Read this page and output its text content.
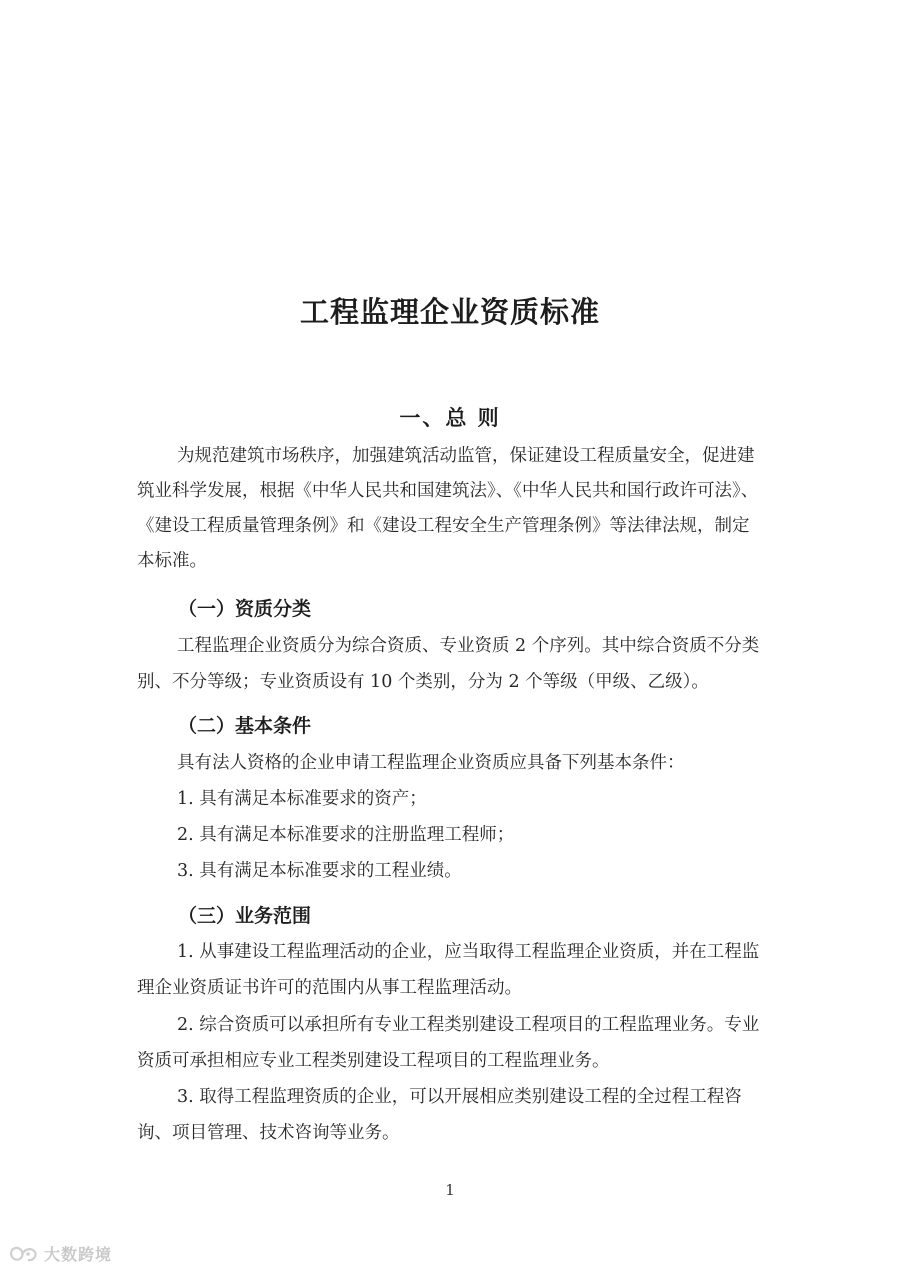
工程监理企业资质标准
一、总 则
为规范建筑市场秩序，加强建筑活动监管，保证建设工程质量安全，促进建
筑业科学发展，根据《中华人民共和国建筑法》、《中华人民共和国行政许可法》、
《建设工程质量管理条例》和《建设工程安全生产管理条例》等法律法规，制定
本标准。
（一）资质分类
工程监理企业资质分为综合资质、专业资质 2 个序列。其中综合资质不分类
别、不分等级；专业资质设有 10 个类别，分为 2 个等级（甲级、乙级）。
（二）基本条件
具有法人资格的企业申请工程监理企业资质应具备下列基本条件：
1. 具有满足本标准要求的资产；
2. 具有满足本标准要求的注册监理工程师；
3. 具有满足本标准要求的工程业绩。
（三）业务范围
1. 从事建设工程监理活动的企业，应当取得工程监理企业资质，并在工程监
理企业资质证书许可的范围内从事工程监理活动。
2. 综合资质可以承担所有专业工程类别建设工程项目的工程监理业务。专业
资质可承担相应专业工程类别建设工程项目的工程监理业务。
3. 取得工程监理资质的企业，可以开展相应类别建设工程的全过程工程咨
询、项目管理、技术咨询等业务。
1
大数跨境
